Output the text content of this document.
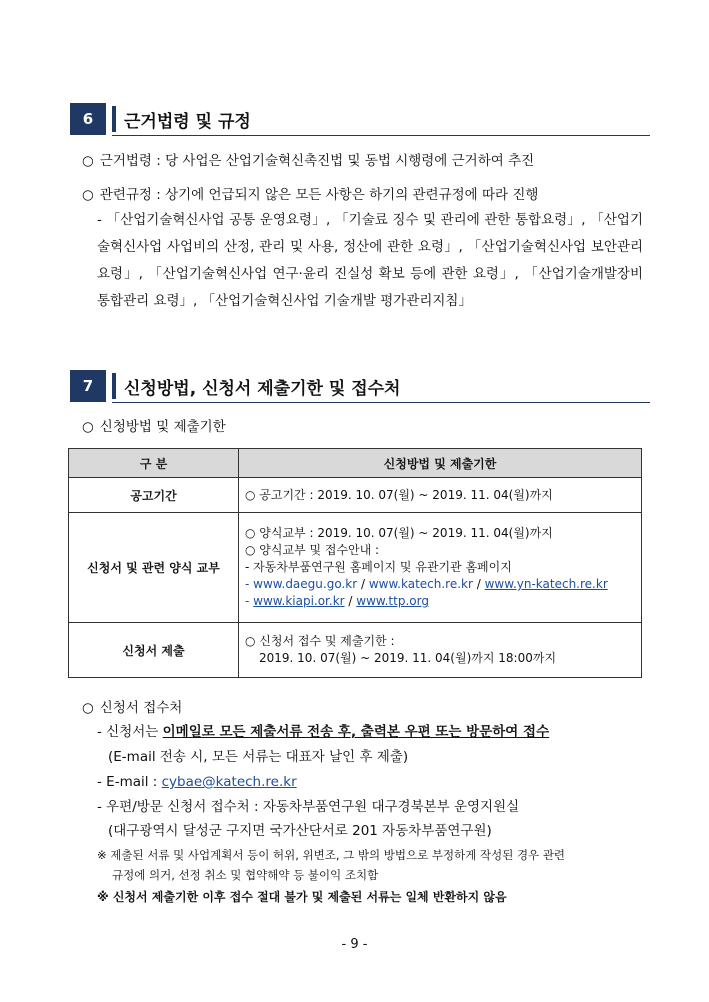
6	근거법령 및 규정
○ 근거법령 : 당 사업은 산업기술혁신촉진법 및 동법 시행령에 근거하여 추진
○ 관련규정 : 상기에 언급되지 않은 모든 사항은 하기의 관련규정에 따라 진행
- 「산업기술혁신사업 공통 운영요령」, 「기술료 징수 및 관리에 관한 통합요령」, 「산업기술혁신사업 사업비의 산정, 관리 및 사용, 정산에 관한 요령」, 「산업기술혁신사업 보안관리요령」, 「산업기술혁신사업 연구·윤리 진실성 확보 등에 관한 요령」, 「산업기술개발장비 통합관리 요령」, 「산업기술혁신사업 기술개발 평가관리지침」
7	신청방법, 신청서 제출기한 및 접수처
○ 신청방법 및 제출기한
구 분	신청방법 및 제출기한
공고기간	○ 공고기간 : 2019. 10. 07(월) ~ 2019. 11. 04(월)까지
신청서 및 관련 양식 교부	○ 양식교부 : 2019. 10. 07(월) ~ 2019. 11. 04(월)까지
○ 양식교부 및 접수안내 :
- 자동차부품연구원 홈페이지 및 유관기관 홈페이지
- www.daegu.go.kr / www.katech.re.kr / www.yn-katech.re.kr
- www.kiapi.or.kr / www.ttp.org

신청서 제출	○ 신청서 접수 및 제출기한 :
2019. 10. 07(월) ~ 2019. 11. 04(월)까지 18:00까지
○ 신청서 접수처
- 신청서는 이메일로 모든 제출서류 전송 후, 출력본 우편 또는 방문하여 접수
(E-mail 전송 시, 모든 서류는 대표자 날인 후 제출)
- E-mail : cybae@katech.re.kr
- 우편/방문 신청서 접수처 : 자동차부품연구원 대구경북본부 운영지원실
(대구광역시 달성군 구지면 국가산단서로 201 자동차부품연구원)
※ 제출된 서류 및 사업계획서 등이 허위, 위변조, 그 밖의 방법으로 부정하게 작성된 경우 관련
규정에 의거, 선정 취소 및 협약해약 등 불이익 조치함
※ 신청서 제출기한 이후 접수 절대 불가 및 제출된 서류는 일체 반환하지 않음
- 9 -
